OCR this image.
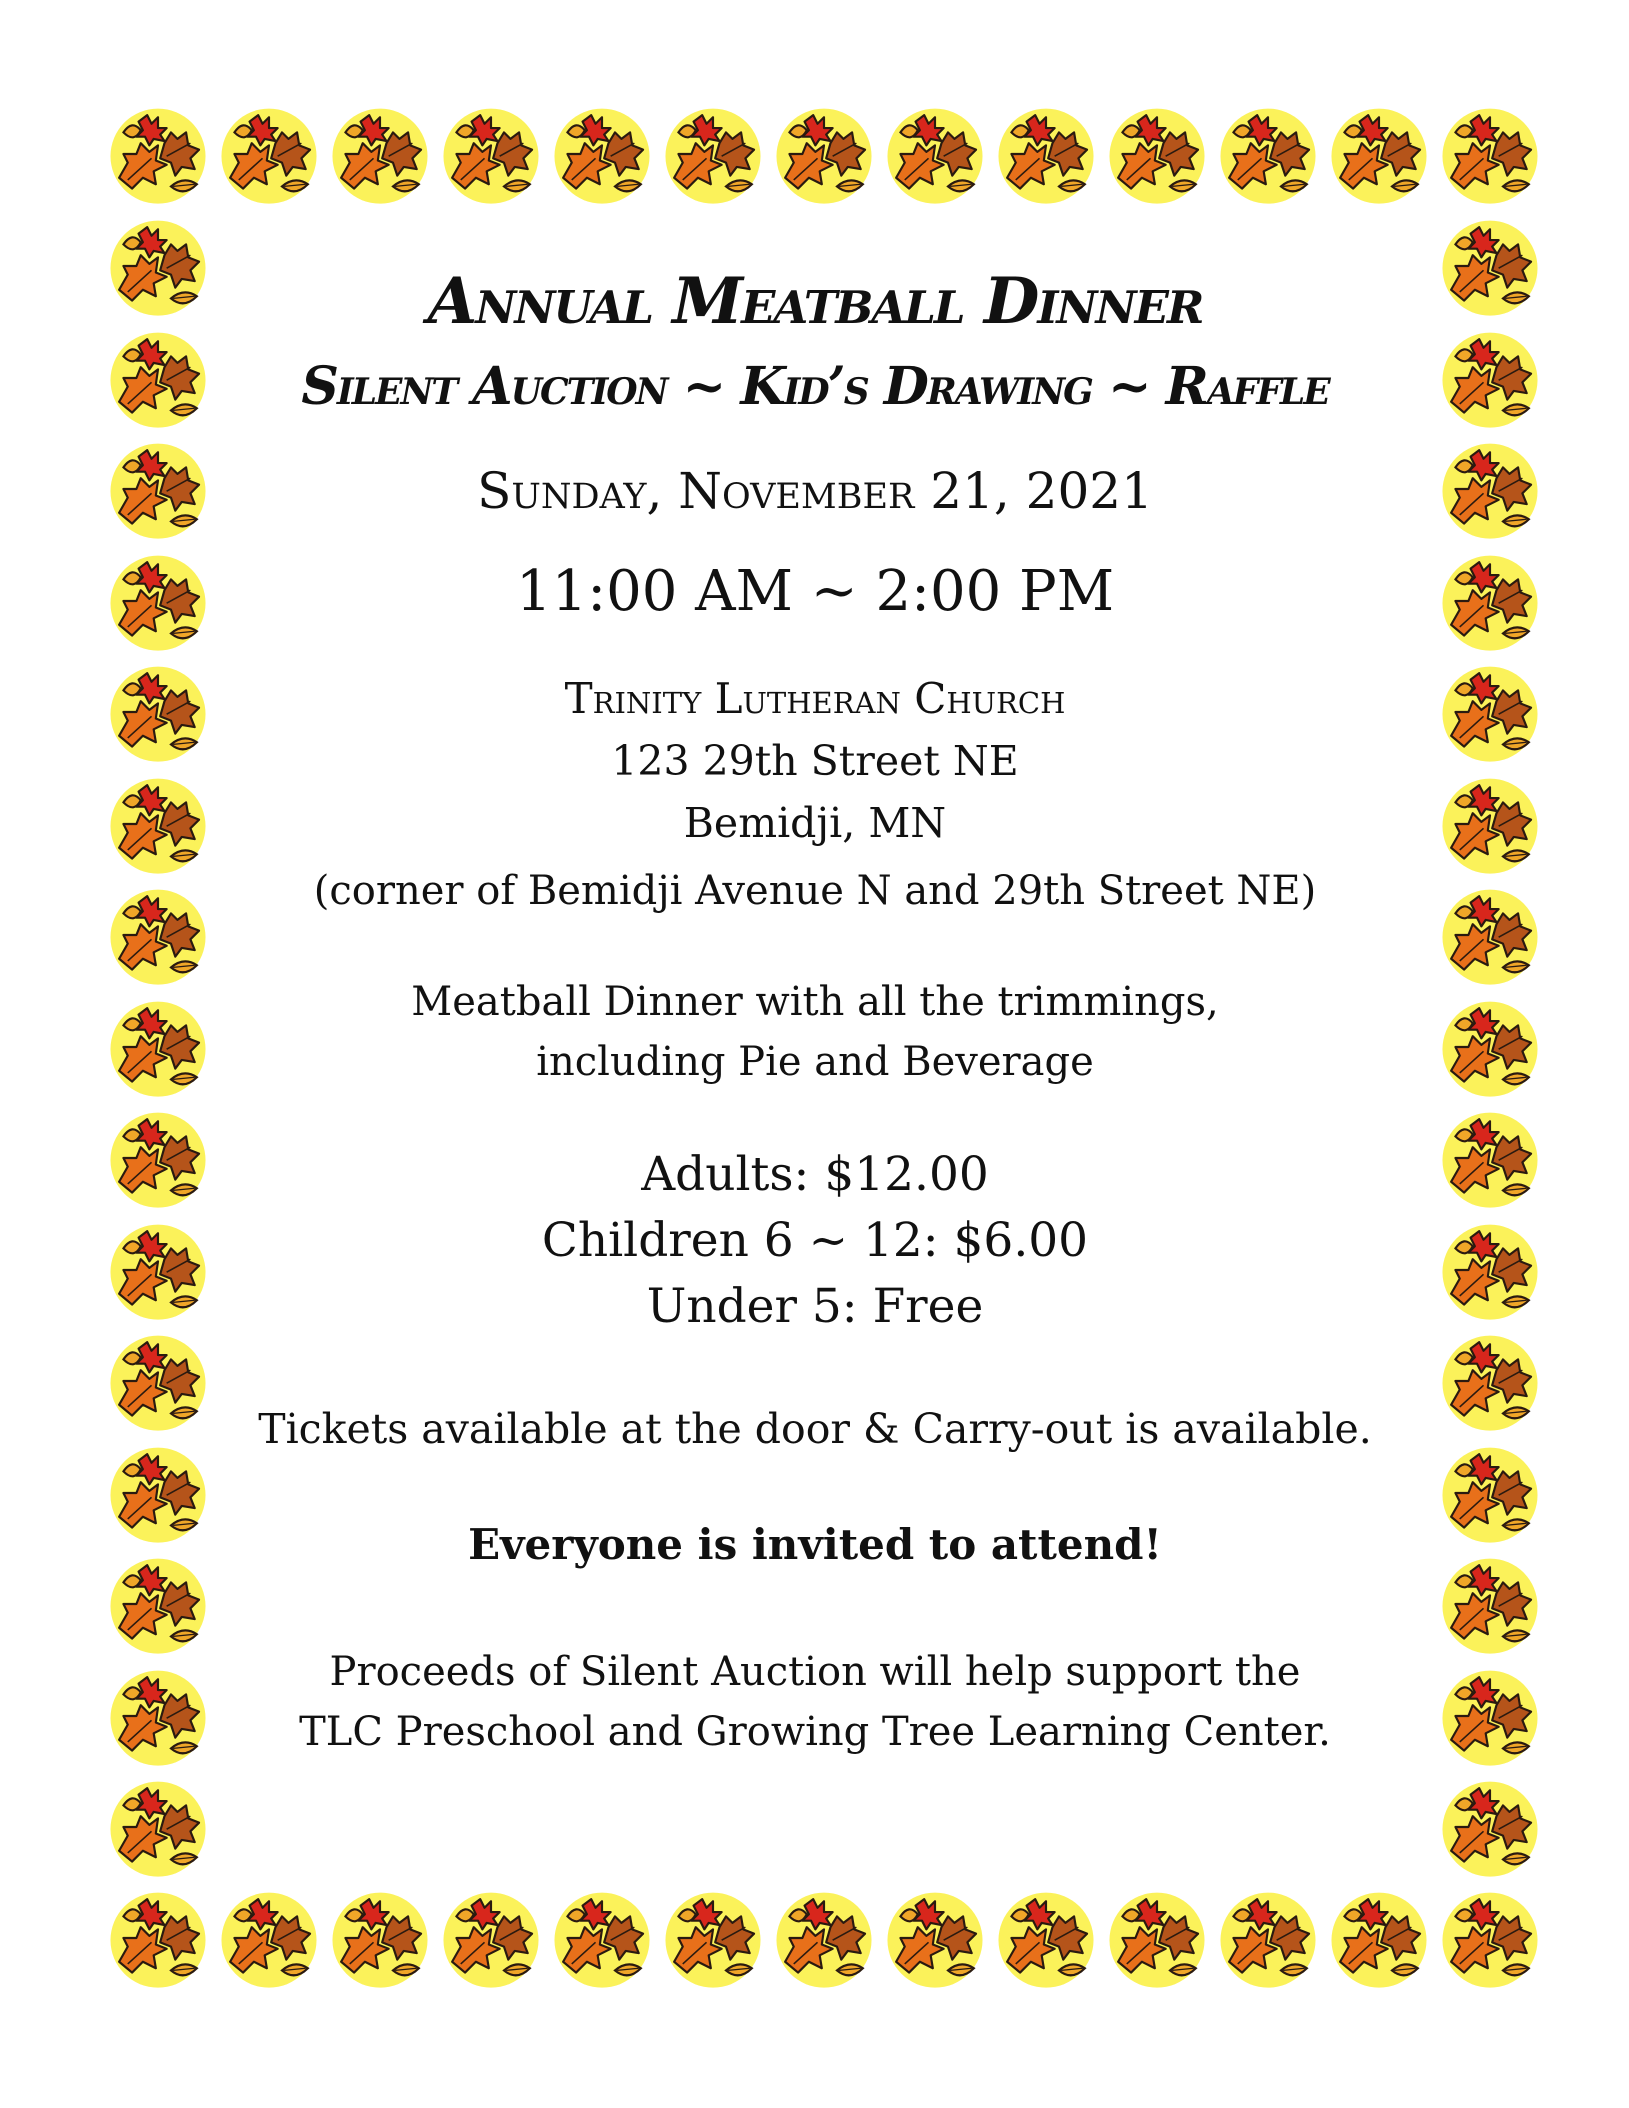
Annual Meatball Dinner
Silent Auction ~ Kid’s Drawing ~ Raffle
Sunday, November 21, 2021
11:00 AM ~ 2:00 PM
Trinity Lutheran Church
123 29th Street NE
Bemidji, MN
(corner of Bemidji Avenue N and 29th Street NE)
Meatball Dinner with all the trimmings,
including Pie and Beverage
Adults: $12.00
Children 6 ~ 12: $6.00
Under 5: Free
Tickets available at the door & Carry-out is available.
Everyone is invited to attend!
Proceeds of Silent Auction will help support the
TLC Preschool and Growing Tree Learning Center.
